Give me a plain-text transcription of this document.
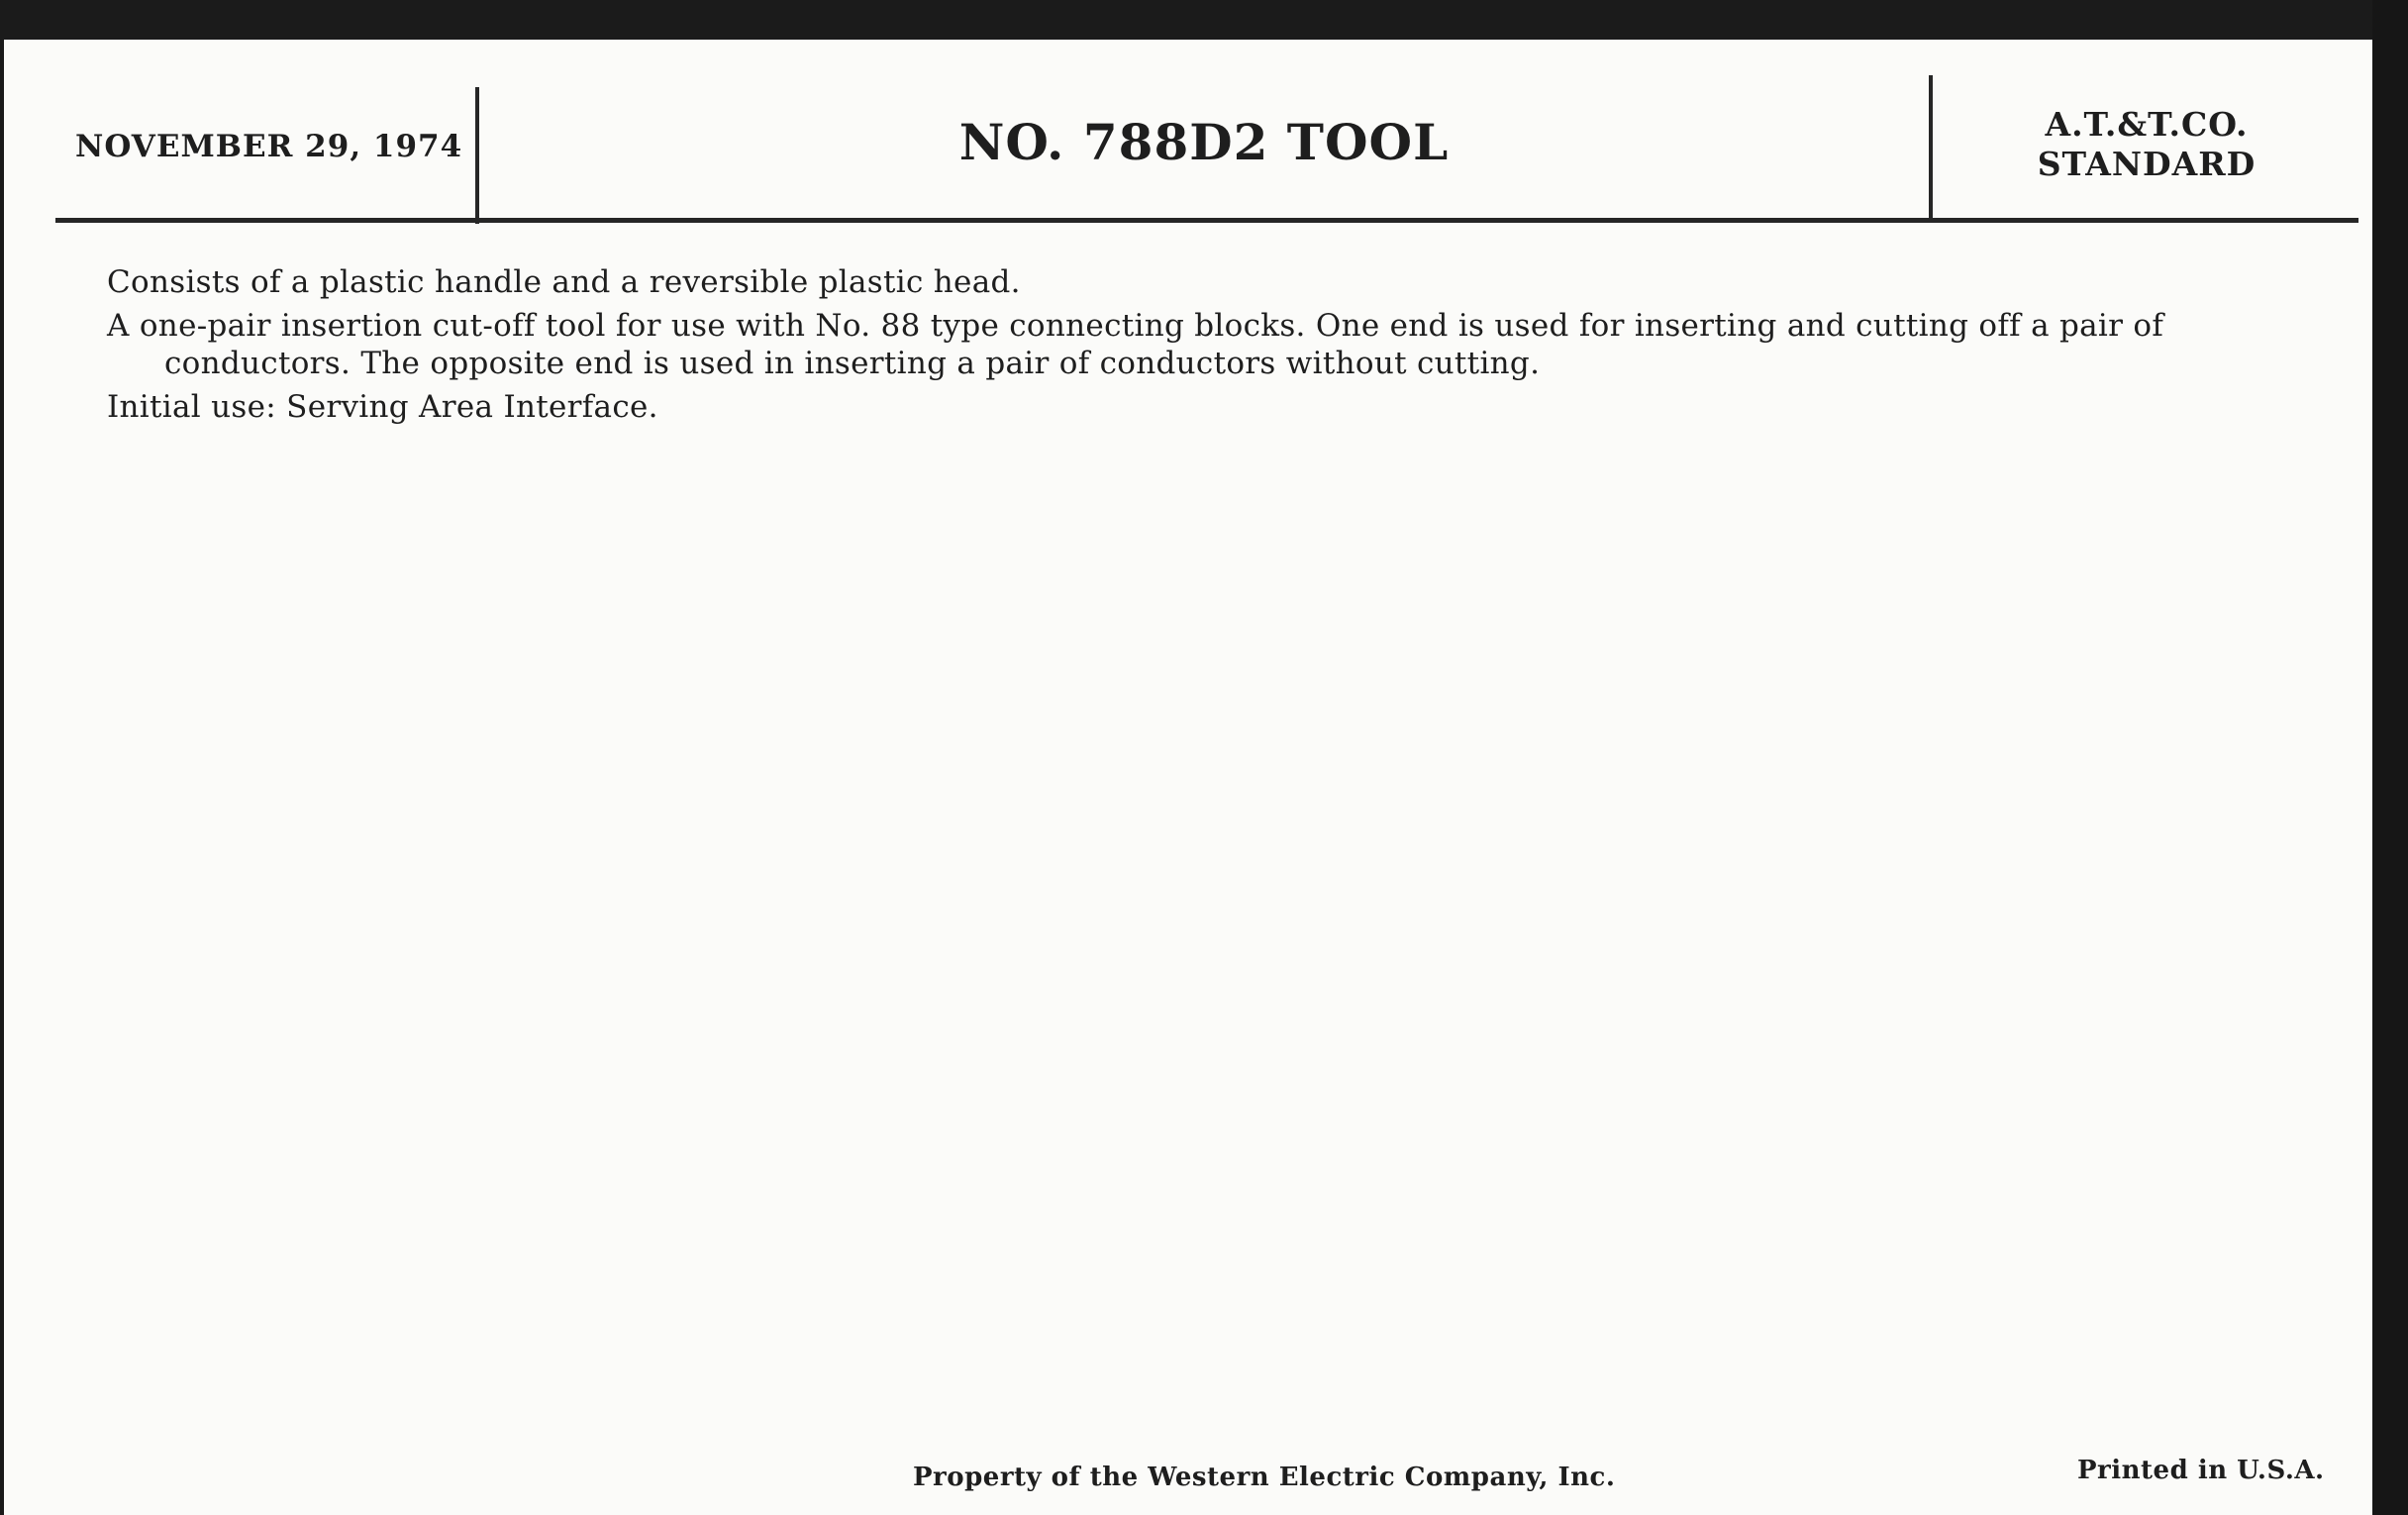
NOVEMBER 29, 1974	NO. 788D2 TOOL	A.T.&T.CO.
STANDARD

Consists of a plastic handle and a reversible plastic head.

A one-pair insertion cut-off tool for use with No. 88 type connecting blocks. One end is used for inserting and cutting off a pair of conductors. The opposite end is used in inserting a pair of conductors without cutting.

Initial use: Serving Area Interface.

Property of the Western Electric Company, Inc.	Printed in U.S.A.
